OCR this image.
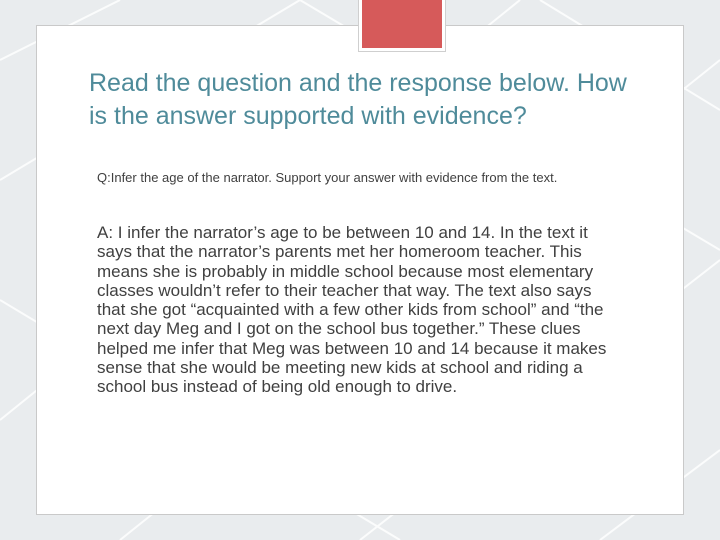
Read the question and the response below. How is the answer supported with evidence?

Q:Infer the age of the narrator. Support your answer with evidence from the text.

A: I infer the narrator’s age to be between 10 and 14. In the text it says that the narrator’s parents met her homeroom teacher. This means she is probably in middle school because most elementary classes wouldn’t refer to their teacher that way. The text also says that she got “acquainted with a few other kids from school” and “the next day Meg and I got on the school bus together.” These clues helped me infer that Meg was between 10 and 14 because it makes sense that she would be meeting new kids at school and riding a school bus instead of being old enough to drive.
